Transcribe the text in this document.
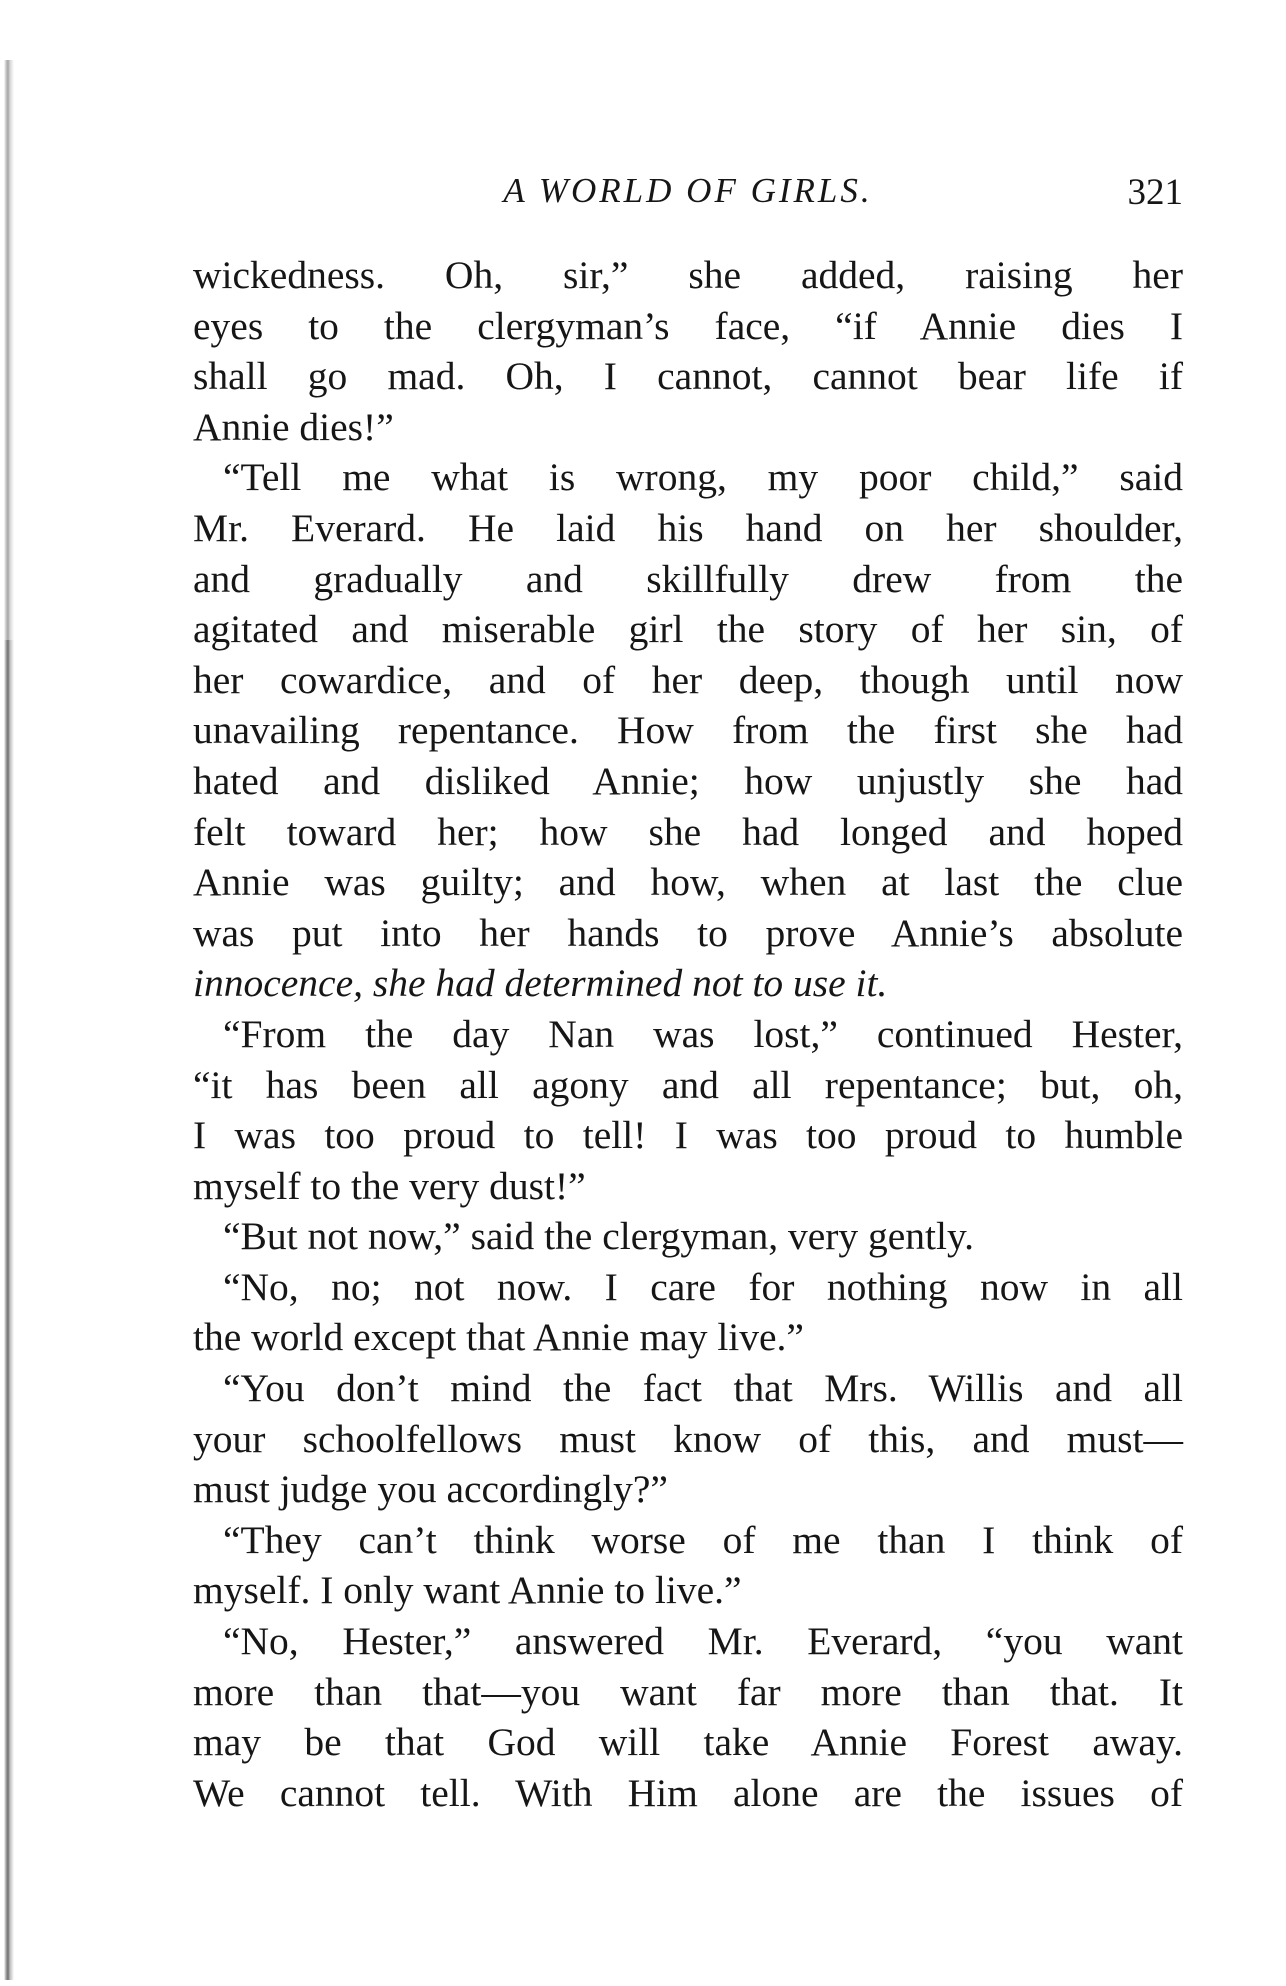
A WORLD OF GIRLS.	321

wickedness. Oh, sir,” she added, raising her
eyes to the clergyman’s face, “if Annie dies I
shall go mad. Oh, I cannot, cannot bear life if
Annie dies!”

“Tell me what is wrong, my poor child,” said
Mr. Everard. He laid his hand on her shoulder,
and gradually and skillfully drew from the
agitated and miserable girl the story of her sin, of
her cowardice, and of her deep, though until now
unavailing repentance. How from the first she had
hated and disliked Annie; how unjustly she had
felt toward her; how she had longed and hoped
Annie was guilty; and how, when at last the clue
was put into her hands to prove Annie’s absolute
innocence, she had determined not to use it.

“From the day Nan was lost,” continued Hester,
“it has been all agony and all repentance; but, oh,
I was too proud to tell! I was too proud to humble
myself to the very dust!”

“But not now,” said the clergyman, very gently.

“No, no; not now. I care for nothing now in all
the world except that Annie may live.”

“You don’t mind the fact that Mrs. Willis and all
your schoolfellows must know of this, and must—
must judge you accordingly?”

“They can’t think worse of me than I think of
myself. I only want Annie to live.”

“No, Hester,” answered Mr. Everard, “you want
more than that—you want far more than that. It
may be that God will take Annie Forest away.
We cannot tell. With Him alone are the issues of
